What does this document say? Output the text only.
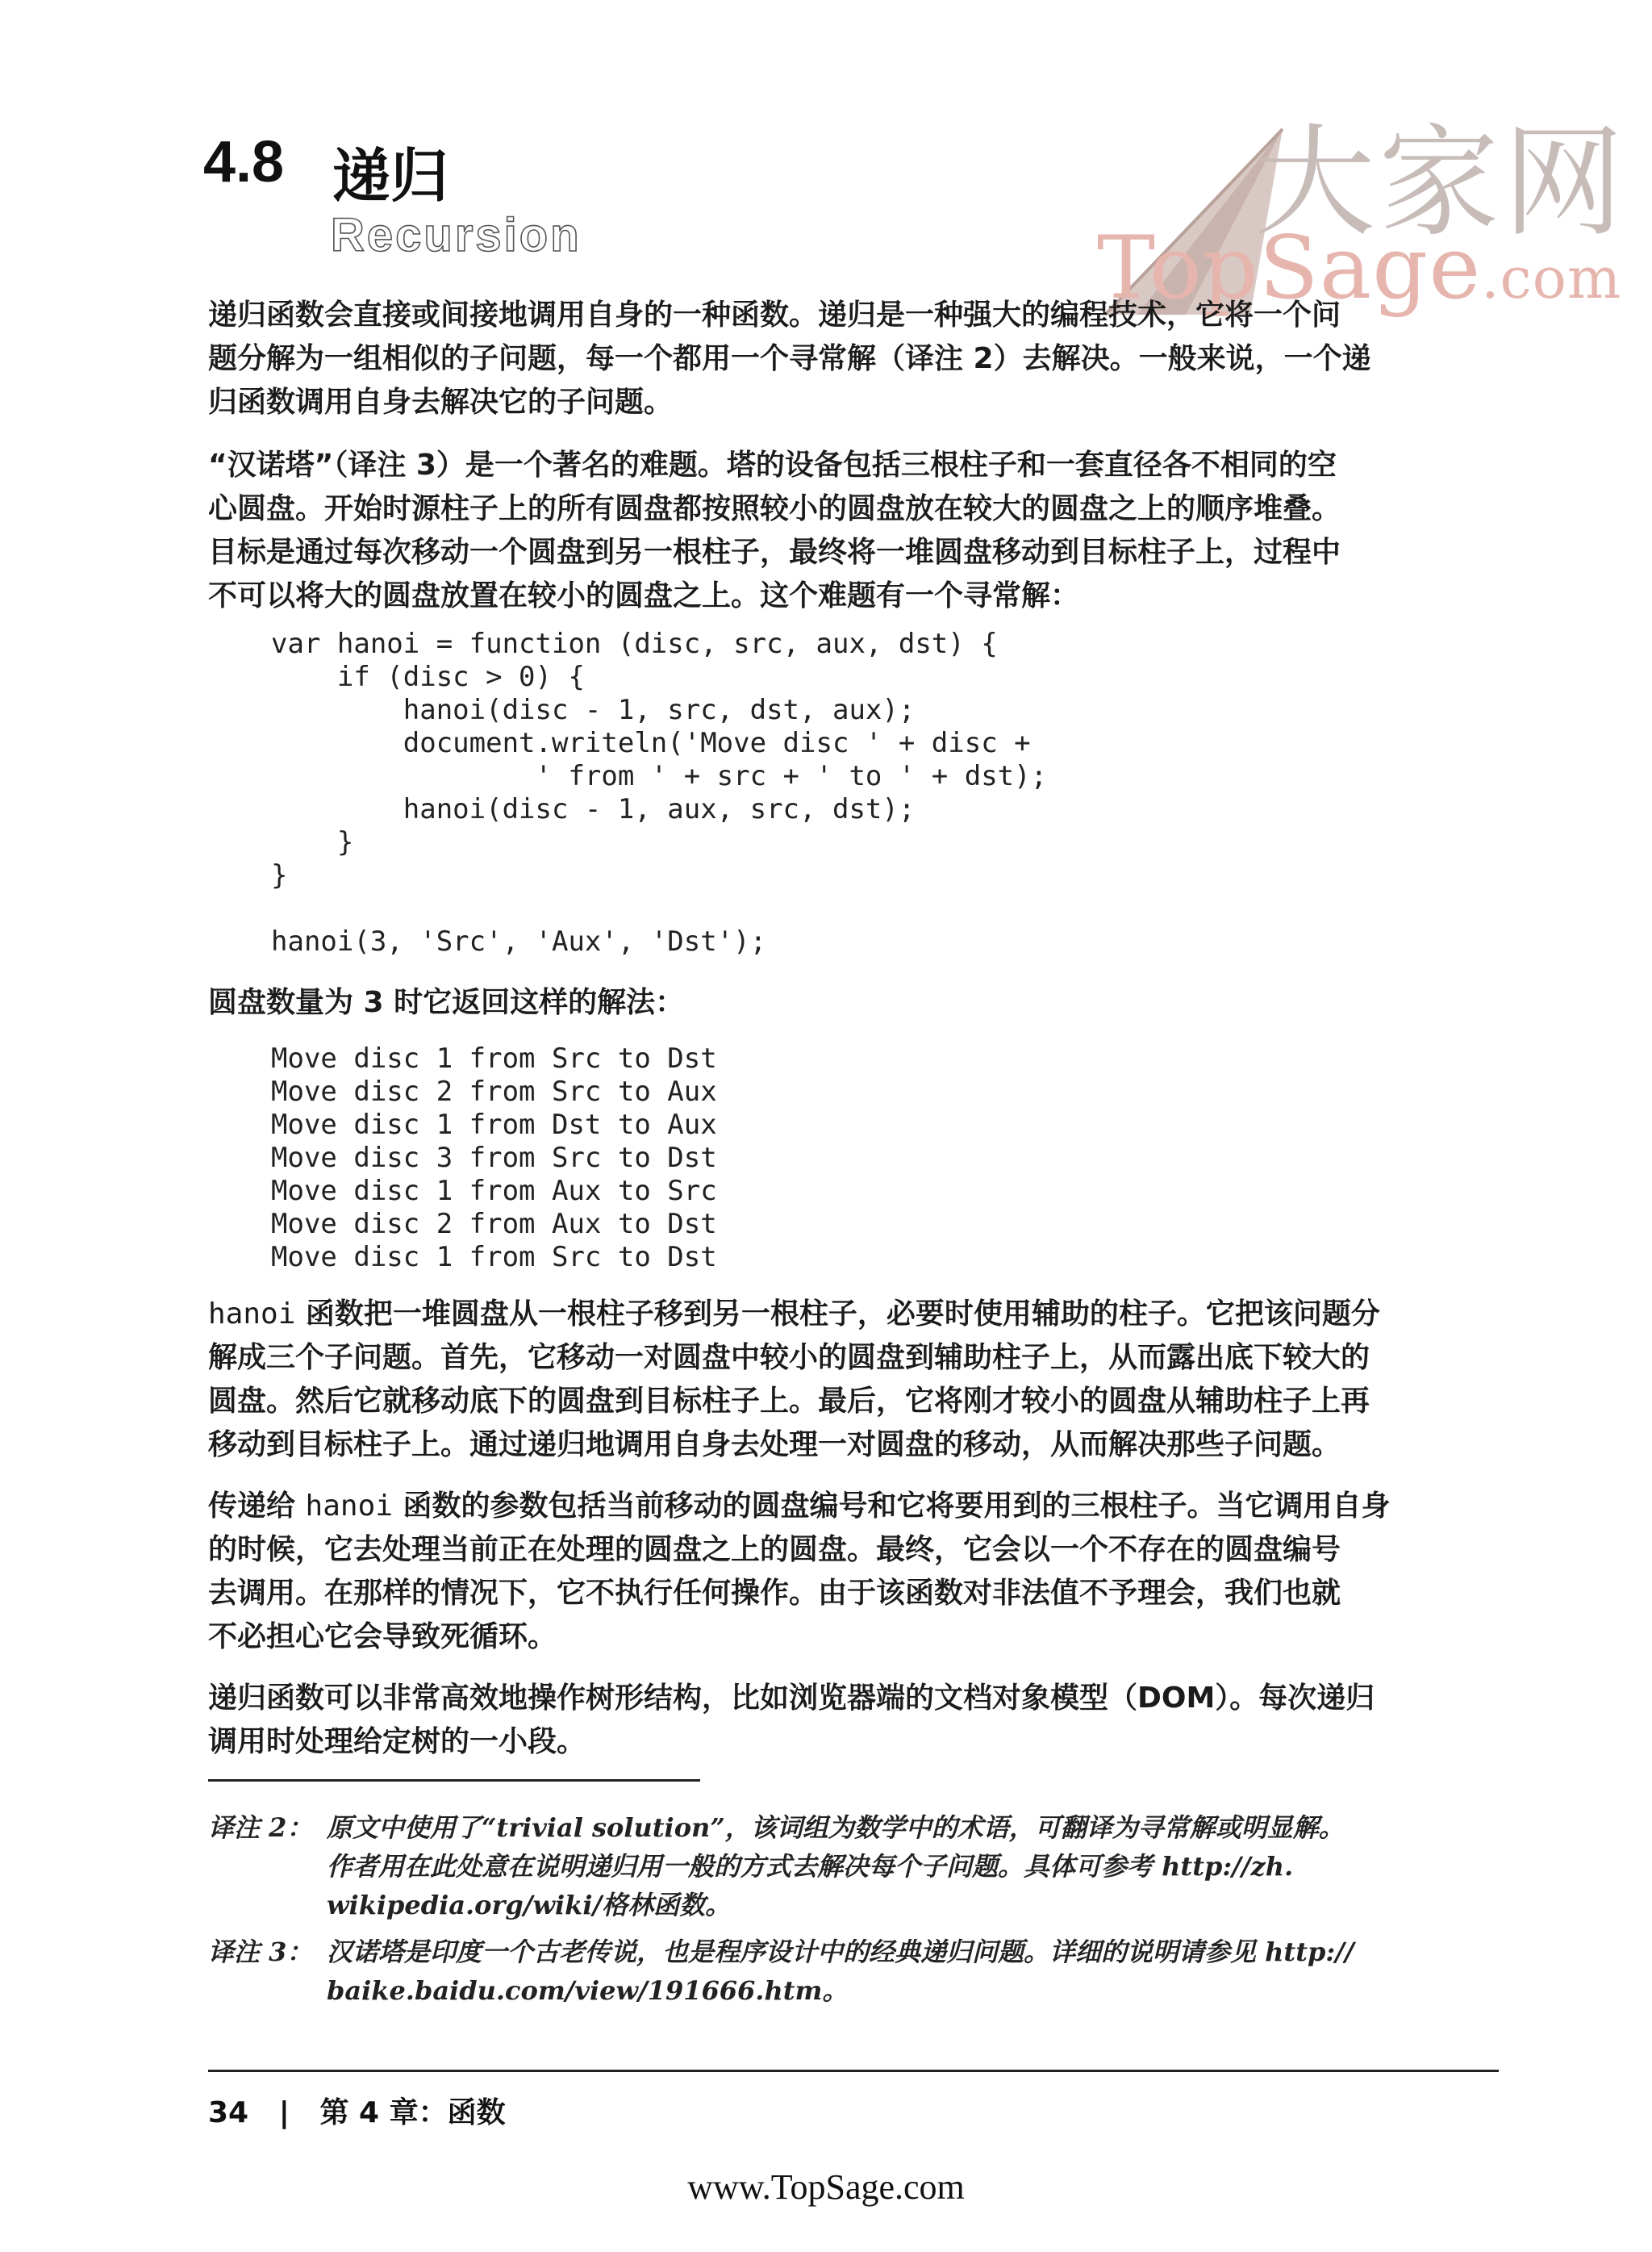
大家网
TopSage.com
4.8 递归
Recursion
递归函数会直接或间接地调用自身的一种函数。递归是一种强大的编程技术，它将一个问
题分解为一组相似的子问题，每一个都用一个寻常解（译注 2）去解决。一般来说，一个递
归函数调用自身去解决它的子问题。
“汉诺塔”（译注 3）是一个著名的难题。塔的设备包括三根柱子和一套直径各不相同的空
心圆盘。开始时源柱子上的所有圆盘都按照较小的圆盘放在较大的圆盘之上的顺序堆叠。
目标是通过每次移动一个圆盘到另一根柱子，最终将一堆圆盘移动到目标柱子上，过程中
不可以将大的圆盘放置在较小的圆盘之上。这个难题有一个寻常解：
var hanoi = function (disc, src, aux, dst) {
if (disc > 0) {
hanoi(disc - 1, src, dst, aux);
document.writeln('Move disc ' + disc +
' from ' + src + ' to ' + dst);
hanoi(disc - 1, aux, src, dst);
}
}
hanoi(3, 'Src', 'Aux', 'Dst');
圆盘数量为 3 时它返回这样的解法：
Move disc 1 from Src to Dst
Move disc 2 from Src to Aux
Move disc 1 from Dst to Aux
Move disc 3 from Src to Dst
Move disc 1 from Aux to Src
Move disc 2 from Aux to Dst
Move disc 1 from Src to Dst
hanoi 函数把一堆圆盘从一根柱子移到另一根柱子，必要时使用辅助的柱子。它把该问题分
解成三个子问题。首先，它移动一对圆盘中较小的圆盘到辅助柱子上，从而露出底下较大的
圆盘。然后它就移动底下的圆盘到目标柱子上。最后，它将刚才较小的圆盘从辅助柱子上再
移动到目标柱子上。通过递归地调用自身去处理一对圆盘的移动，从而解决那些子问题。
传递给 hanoi 函数的参数包括当前移动的圆盘编号和它将要用到的三根柱子。当它调用自身
的时候，它去处理当前正在处理的圆盘之上的圆盘。最终，它会以一个不存在的圆盘编号
去调用。在那样的情况下，它不执行任何操作。由于该函数对非法值不予理会，我们也就
不必担心它会导致死循环。
递归函数可以非常高效地操作树形结构，比如浏览器端的文档对象模型（DOM）。每次递归
调用时处理给定树的一小段。
译注 2： 原文中使用了“trivial solution”，该词组为数学中的术语，可翻译为寻常解或明显解。
作者用在此处意在说明递归用一般的方式去解决每个子问题。具体可参考 http://zh.
wikipedia.org/wiki/格林函数。
译注 3： 汉诺塔是印度一个古老传说，也是程序设计中的经典递归问题。详细的说明请参见 http://
baike.baidu.com/view/191666.htm。
34 | 第 4 章：函数
www.TopSage.com
